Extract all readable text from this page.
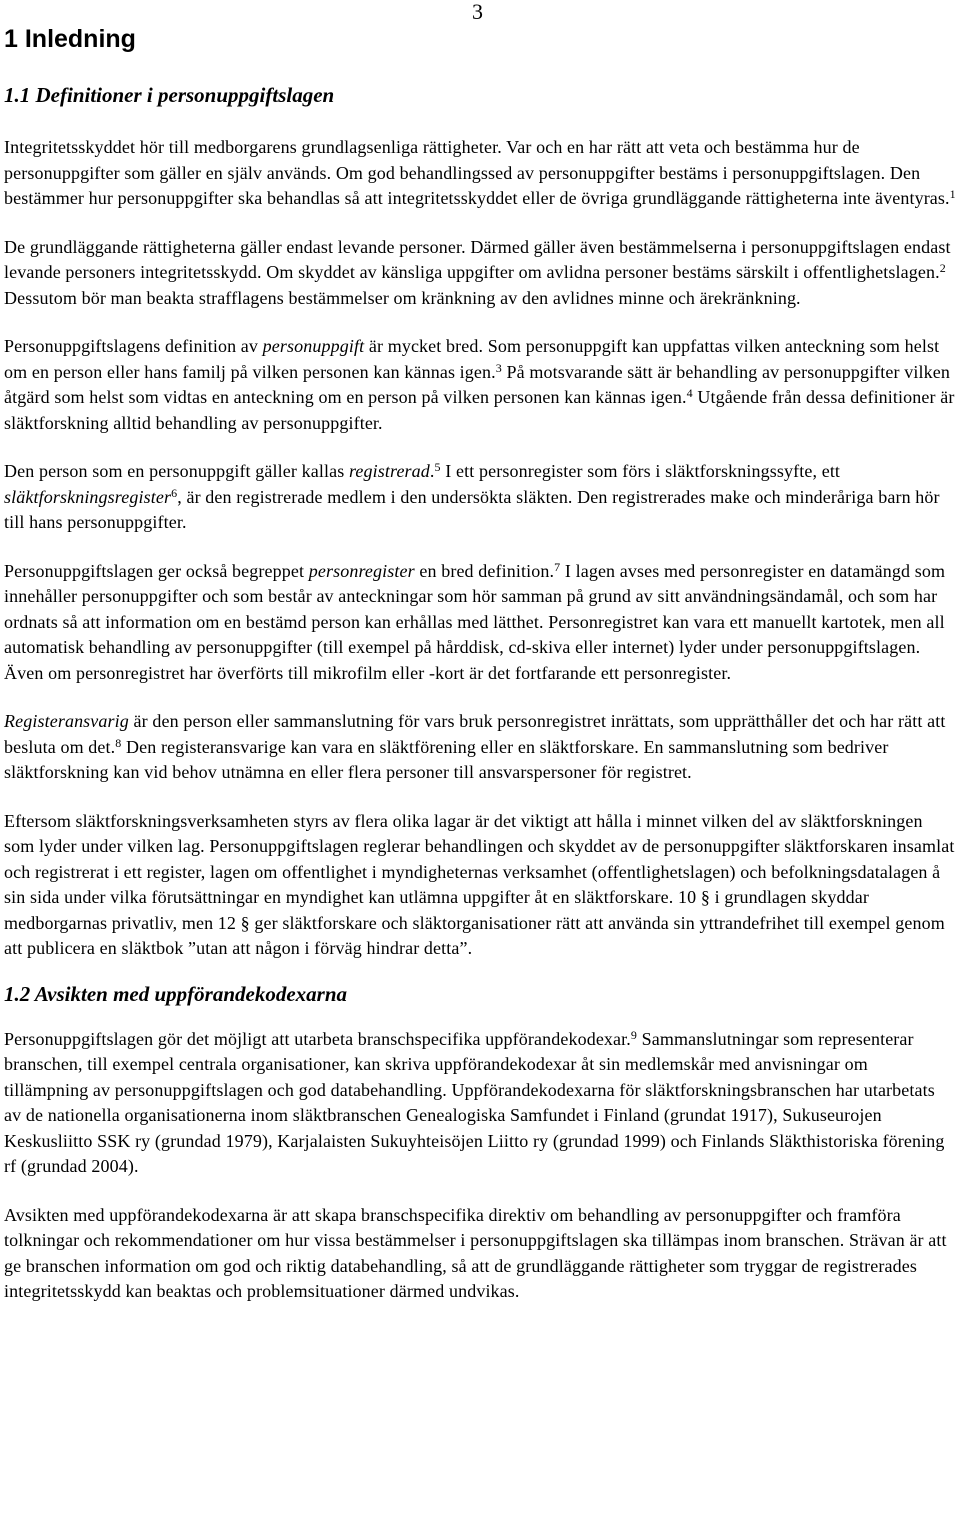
3
1 Inledning
1.1 Definitioner i personuppgiftslagen

Integritetsskyddet hör till medborgarens grundlagsenliga rättigheter. Var och en har rätt att veta och bestämma hur de personuppgifter som gäller en själv används. Om god behandlingssed av personuppgifter bestäms i personuppgiftslagen. Den bestämmer hur personuppgifter ska behandlas så att integritetsskyddet eller de övriga grundläggande rättigheterna inte äventyras.$^1$

De grundläggande rättigheterna gäller endast levande personer. Därmed gäller även bestämmelserna i personuppgiftslagen endast levande personers integritetsskydd. Om skyddet av känsliga uppgifter om avlidna personer bestäms särskilt i offentlighetslagen.$^2$ Dessutom bör man beakta strafflagens bestämmelser om kränkning av den avlidnes minne och ärekränkning.

Personuppgiftslagens definition av personuppgift är mycket bred. Som personuppgift kan uppfattas vilken anteckning som helst om en person eller hans familj på vilken personen kan kännas igen.$^3$ På motsvarande sätt är behandling av personuppgifter vilken åtgärd som helst som vidtas en anteckning om en person på vilken personen kan kännas igen.$^4$ Utgående från dessa definitioner är släktforskning alltid behandling av personuppgifter.

Den person som en personuppgift gäller kallas registrerad.$^5$ I ett personregister som förs i släktforskningssyfte, ett släktforskningsregister$^6$, är den registrerade medlem i den undersökta släkten. Den registrerades make och minderåriga barn hör till hans personuppgifter.

Personuppgiftslagen ger också begreppet personregister en bred definition.$^7$ I lagen avses med personregister en datamängd som innehåller personuppgifter och som består av anteckningar som hör samman på grund av sitt användningsändamål, och som har ordnats så att information om en bestämd person kan erhållas med lätthet. Personregistret kan vara ett manuellt kartotek, men all automatisk behandling av personuppgifter (till exempel på hårddisk, cd-skiva eller internet) lyder under personuppgiftslagen. Även om personregistret har överförts till mikrofilm eller -kort är det fortfarande ett personregister.

Registeransvarig är den person eller sammanslutning för vars bruk personregistret inrättats, som upprätthåller det och har rätt att besluta om det.$^8$ Den registeransvarige kan vara en släktförening eller en släktforskare. En sammanslutning som bedriver släktforskning kan vid behov utnämna en eller flera personer till ansvarspersoner för registret.

Eftersom släktforskningsverksamheten styrs av flera olika lagar är det viktigt att hålla i minnet vilken del av släktforskningen som lyder under vilken lag. Personuppgiftslagen reglerar behandlingen och skyddet av de personuppgifter släktforskaren insamlat och registrerat i ett register, lagen om offentlighet i myndigheternas verksamhet (offentlighetslagen) och befolkningsdatalagen å sin sida under vilka förutsättningar en myndighet kan utlämna uppgifter åt en släktforskare. 10 § i grundlagen skyddar medborgarnas privatliv, men 12 § ger släktforskare och släktorganisationer rätt att använda sin yttrandefrihet till exempel genom att publicera en släktbok ”utan att någon i förväg hindrar detta”.

1.2 Avsikten med uppförandekodexarna

Personuppgiftslagen gör det möjligt att utarbeta branschspecifika uppförandekodexar.$^9$ Sammanslutningar som representerar branschen, till exempel centrala organisationer, kan skriva uppförandekodexar åt sin medlemskår med anvisningar om tillämpning av personuppgiftslagen och god databehandling. Uppförandekodexarna för släktforskningsbranschen har utarbetats av de nationella organisationerna inom släktbranschen Genealogiska Samfundet i Finland (grundat 1917), Sukuseurojen Keskusliitto SSK ry (grundad 1979), Karjalaisten Sukuyhteisöjen Liitto ry (grundad 1999) och Finlands Släkthistoriska förening rf (grundad 2004).

Avsikten med uppförandekodexarna är att skapa branschspecifika direktiv om behandling av personuppgifter och framföra tolkningar och rekommendationer om hur vissa bestämmelser i personuppgiftslagen ska tillämpas inom branschen. Strävan är att ge branschen information om god och riktig databehandling, så att de grundläggande rättigheter som tryggar de registrerades integritetsskydd kan beaktas och problemsituationer därmed undvikas.
